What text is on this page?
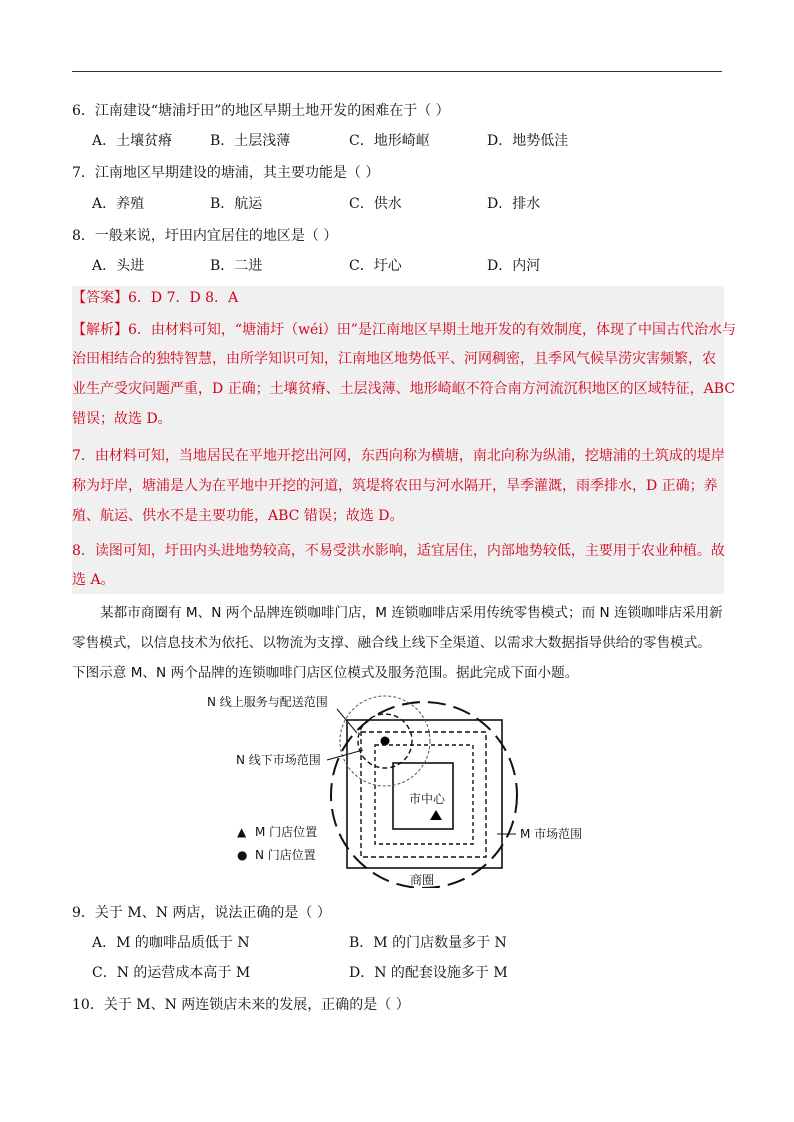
6．江南建设“塘浦圩田”的地区早期土地开发的困难在于（ ）
A．土壤贫瘠	B．土层浅薄	C．地形崎岖	D．地势低洼
7．江南地区早期建设的塘浦，其主要功能是（ ）
A．养殖	B．航运	C．供水	D．排水
8．一般来说，圩田内宜居住的地区是（ ）
A．头进	B．二进	C．圩心	D．内河
【答案】6．D 7．D 8．A
【解析】6．由材料可知，“塘浦圩（wéi）田”是江南地区早期土地开发的有效制度，体现了中国古代治水与
治田相结合的独特智慧，由所学知识可知，江南地区地势低平、河网稠密，且季风气候旱涝灾害频繁，农
业生产受灾问题严重，D 正确；土壤贫瘠、土层浅薄、地形崎岖不符合南方河流沉积地区的区域特征，ABC
错误；故选 D。
7．由材料可知，当地居民在平地开挖出河网，东西向称为横塘，南北向称为纵浦，挖塘浦的土筑成的堤岸
称为圩岸，塘浦是人为在平地中开挖的河道，筑堤将农田与河水隔开，旱季灌溉，雨季排水，D 正确；养
殖、航运、供水不是主要功能，ABC 错误；故选 D。
8．读图可知，圩田内头进地势较高，不易受洪水影响，适宜居住，内部地势较低，主要用于农业种植。故
选 A。
某都市商圈有 M、N 两个品牌连锁咖啡门店，M 连锁咖啡店采用传统零售模式；而 N 连锁咖啡店采用新
零售模式，以信息技术为依托、以物流为支撑、融合线上线下全渠道、以需求大数据指导供给的零售模式。
下图示意 M、N 两个品牌的连锁咖啡门店区位模式及服务范围。据此完成下面小题。
N 线上服务与配送范围
N 线下市场范围
市中心
M 市场范围
商圈
▲ M 门店位置
● N 门店位置
9．关于 M、N 两店，说法正确的是（ ）
A．M 的咖啡品质低于 N	B．M 的门店数量多于 N
C．N 的运营成本高于 M	D．N 的配套设施多于 M
10．关于 M、N 两连锁店未来的发展，正确的是（ ）
